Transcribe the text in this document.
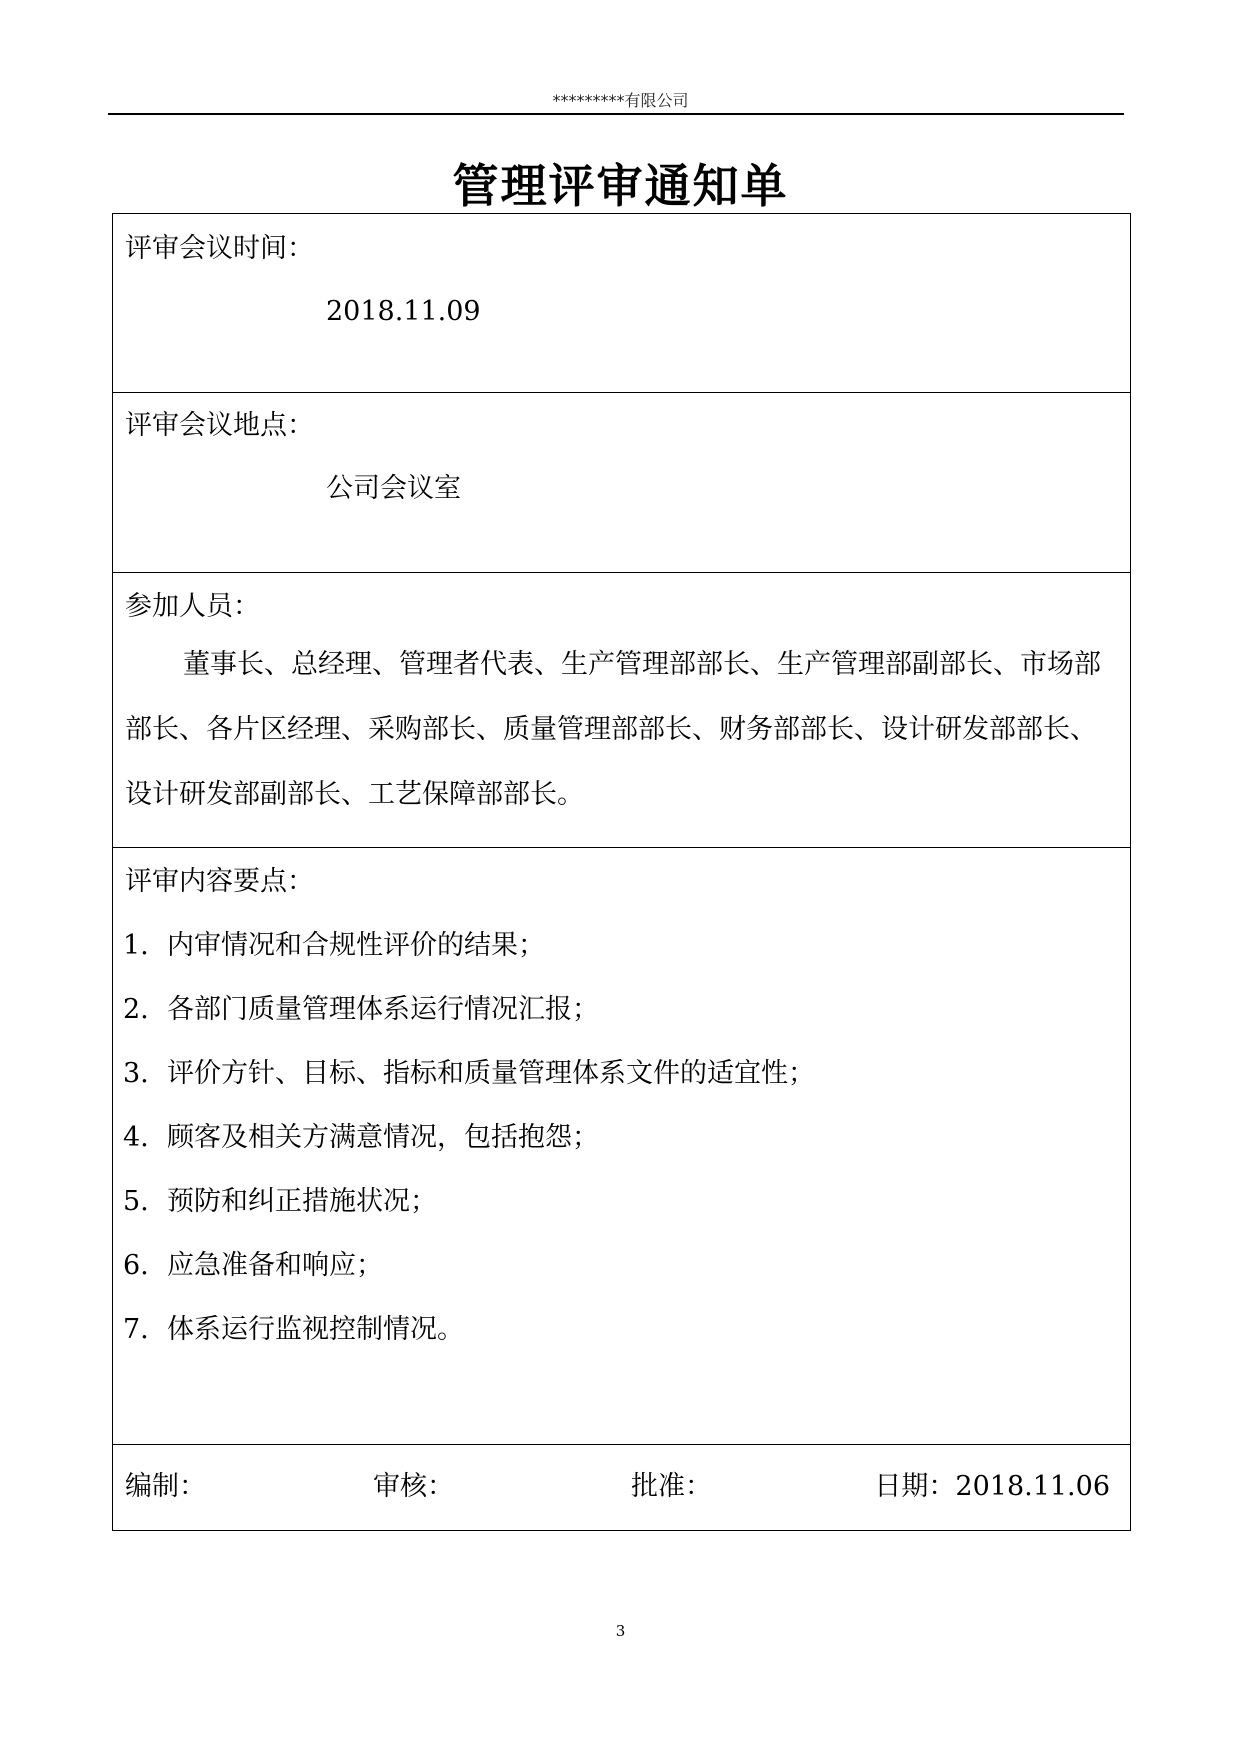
*********有限公司
管理评审通知单
评审会议时间：
2018.11.09
评审会议地点：
公司会议室
参加人员：
董事长、总经理、管理者代表、生产管理部部长、生产管理部副部长、市场部部长、各片区经理、采购部长、质量管理部部长、财务部部长、设计研发部部长、设计研发部副部长、工艺保障部部长。
评审内容要点：
1. 内审情况和合规性评价的结果；
2. 各部门质量管理体系运行情况汇报；
3. 评价方针、目标、指标和质量管理体系文件的适宜性；
4. 顾客及相关方满意情况，包括抱怨；
5. 预防和纠正措施状况；
6. 应急准备和响应；
7. 体系运行监视控制情况。
编制：	审核：	批准：	日期：2018.11.06
3
